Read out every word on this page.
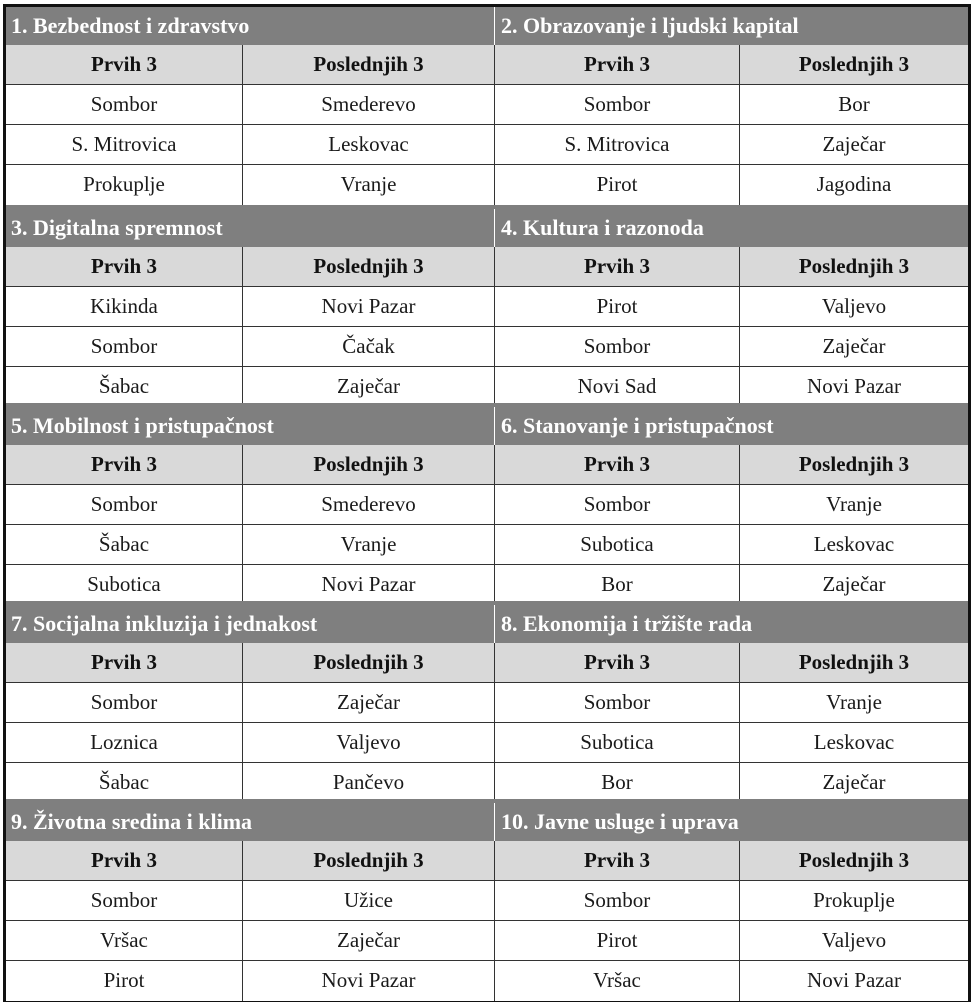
1. Bezbednost i zdravstvo	2. Obrazovanje i ljudski kapital
Prvih 3	Poslednjih 3	Prvih 3	Poslednjih 3
Sombor	Smederevo	Sombor	Bor
S. Mitrovica	Leskovac	S. Mitrovica	Zaječar
Prokuplje	Vranje	Pirot	Jagodina
3. Digitalna spremnost	4. Kultura i razonoda
Prvih 3	Poslednjih 3	Prvih 3	Poslednjih 3
Kikinda	Novi Pazar	Pirot	Valjevo
Sombor	Čačak	Sombor	Zaječar
Šabac	Zaječar	Novi Sad	Novi Pazar
5. Mobilnost i pristupačnost	6. Stanovanje i pristupačnost
Prvih 3	Poslednjih 3	Prvih 3	Poslednjih 3
Sombor	Smederevo	Sombor	Vranje
Šabac	Vranje	Subotica	Leskovac
Subotica	Novi Pazar	Bor	Zaječar
7. Socijalna inkluzija i jednakost	8. Ekonomija i tržište rada
Prvih 3	Poslednjih 3	Prvih 3	Poslednjih 3
Sombor	Zaječar	Sombor	Vranje
Loznica	Valjevo	Subotica	Leskovac
Šabac	Pančevo	Bor	Zaječar
9. Životna sredina i klima	10. Javne usluge i uprava
Prvih 3	Poslednjih 3	Prvih 3	Poslednjih 3
Sombor	Užice	Sombor	Prokuplje
Vršac	Zaječar	Pirot	Valjevo
Pirot	Novi Pazar	Vršac	Novi Pazar
